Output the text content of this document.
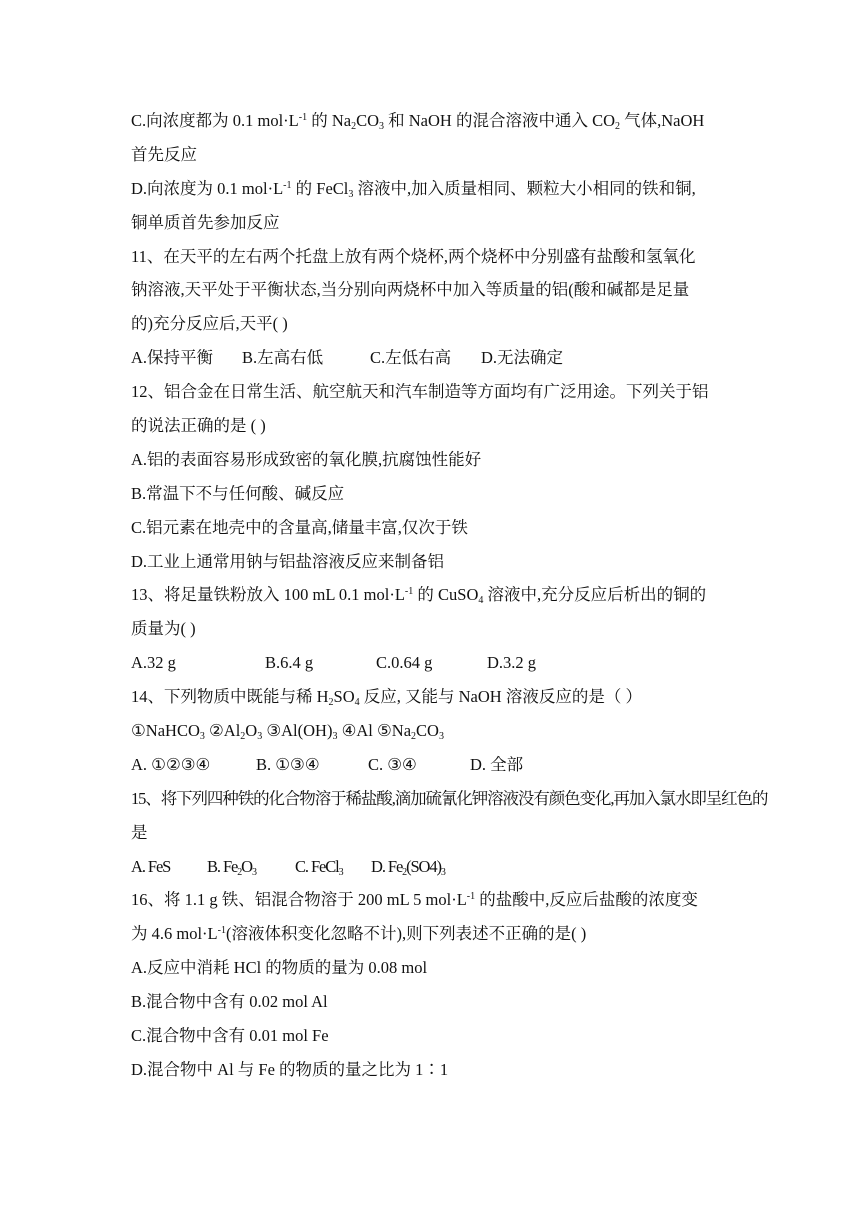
C.向浓度都为 0.1 $mol\cdot L^{-1}$ 的 $Na_2CO_3$ 和 NaOH 的混合溶液中通入 $CO_2$ 气体,NaOH
首先反应
D.向浓度为 0.1 $mol\cdot L^{-1}$ 的 FeCl$_3$ 溶液中,加入质量相同、颗粒大小相同的铁和铜,
铜单质首先参加反应
11、在天平的左右两个托盘上放有两个烧杯,两个烧杯中分别盛有盐酸和氢氧化
钠溶液,天平处于平衡状态,当分别向两烧杯中加入等质量的铝(酸和碱都是足量
的)充分反应后,天平( )
A.保持平衡 B.左高右低	C.左低右高 D.无法确定
12、铝合金在日常生活、航空航天和汽车制造等方面均有广泛用途。下列关于铝
的说法正确的是 ( )
A.铝的表面容易形成致密的氧化膜,抗腐蚀性能好
B.常温下不与任何酸、碱反应
C.铝元素在地壳中的含量高,储量丰富,仅次于铁
D.工业上通常用钠与铝盐溶液反应来制备铝
13、将足量铁粉放入 100 mL 0.1 $mol\cdot L^{-1}$ 的 CuSO$_4$ 溶液中,充分反应后析出的铜的
质量为( )
A.32 g	B.6.4 g	C.0.64 g	D.3.2 g
14、下列物质中既能与稀 $H_2SO_4$ 反应, 又能与 NaOH 溶液反应的是（ ）
①NaHCO$_3$ $②Al_2O_3$ $③Al(OH)_3$ ④Al $⑤Na_2CO_3$
A. ①②③④	B. ①③④	C. ③④	D. 全部
15、将下列四种铁的化合物溶于稀盐酸,滴加硫氰化钾溶液没有颜色变化,再加入氯水即呈红色的
是
A. FeS B. $Fe_2O_3$ C. FeCl$_3$ D. $Fe_2(SO4)_3$
16、将 1.1 g 铁、铝混合物溶于 200 mL 5 $mol\cdot L^{-1}$ 的盐酸中,反应后盐酸的浓度变
为 4.6 $mol\cdot L^{-1}$(溶液体积变化忽略不计),则下列表述不正确的是( )
A.反应中消耗 HCl 的物质的量为 0.08 mol
B.混合物中含有 0.02 mol Al
C.混合物中含有 0.01 mol Fe
D.混合物中 Al 与 Fe 的物质的量之比为 1∶1
